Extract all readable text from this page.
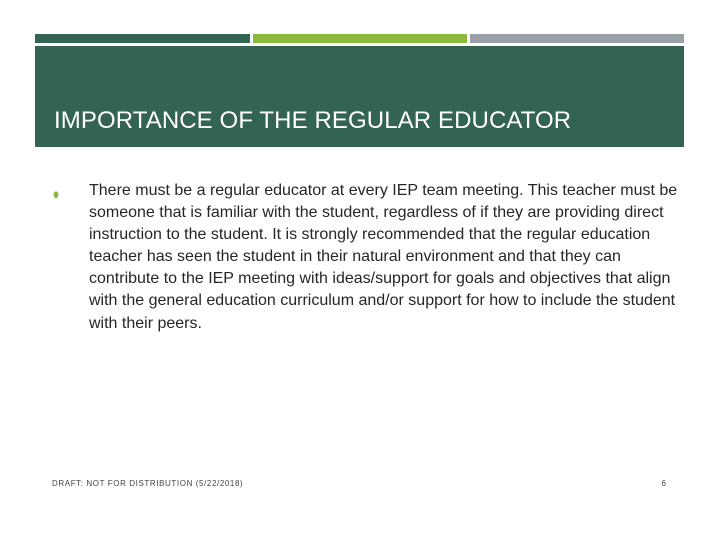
IMPORTANCE OF THE REGULAR EDUCATOR

There must be a regular educator at every IEP team meeting. This teacher must be someone that is familiar with the student, regardless of if they are providing direct instruction to the student. It is strongly recommended that the regular education teacher has seen the student in their natural environment and that they can contribute to the IEP meeting with ideas/support for goals and objectives that align with the general education curriculum and/or support for how to include the student with their peers.

DRAFT: NOT FOR DISTRIBUTION (5/22/2018)	6
